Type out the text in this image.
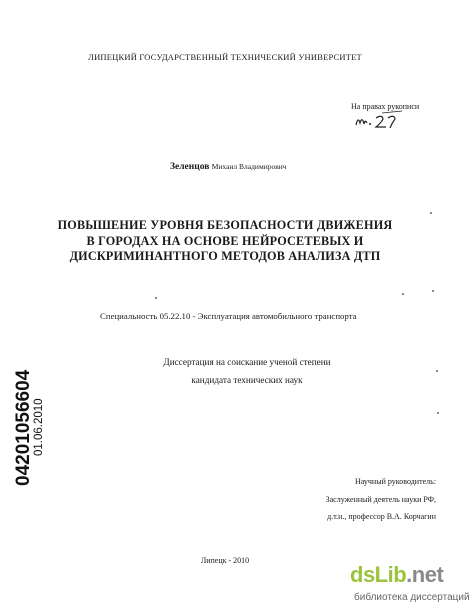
ЛИПЕЦКИЙ ГОСУДАРСТВЕННЫЙ ТЕХНИЧЕСКИЙ УНИВЕРСИТЕТ
На правах рукописи
Зеленцов Михаил Владимирович
ПОВЫШЕНИЕ УРОВНЯ БЕЗОПАСНОСТИ ДВИЖЕНИЯ
В ГОРОДАХ НА ОСНОВЕ НЕЙРОСЕТЕВЫХ И
ДИСКРИМИНАНТНОГО МЕТОДОВ АНАЛИЗА ДТП
Специальность 05.22.10 - Эксплуатация автомобильного транспорта
Диссертация на соискание ученой степени
кандидата технических наук
04201056604 01.06.2010
Научный руководитель:
Заслуженный деятель науки РФ,
д.т.н., профессор В.А. Корчагин
Липецк - 2010
dsLib.net
библиотека диссертаций
